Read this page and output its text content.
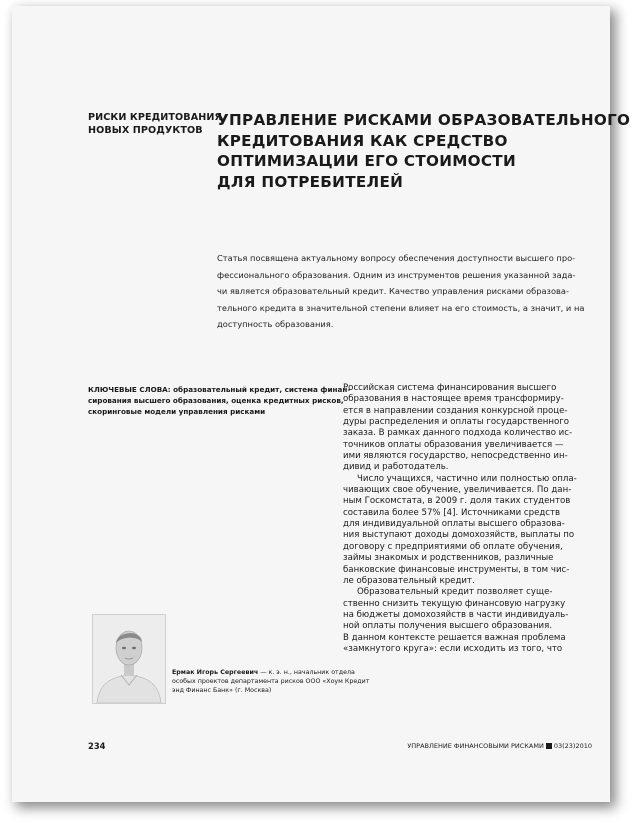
РИСКИ КРЕДИТОВАНИЯ
НОВЫХ ПРОДУКТОВ
УПРАВЛЕНИЕ РИСКАМИ ОБРАЗОВАТЕЛЬНОГО
КРЕДИТОВАНИЯ КАК СРЕДСТВО
ОПТИМИЗАЦИИ ЕГО СТОИМОСТИ
ДЛЯ ПОТРЕБИТЕЛЕЙ
Статья посвящена актуальному вопросу обеспечения доступности высшего про-
фессионального образования. Одним из инструментов решения указанной зада-
чи является образовательный кредит. Качество управления рисками образова-
тельного кредита в значительной степени влияет на его стоимость, а значит, и на
доступность образования.
КЛЮЧЕВЫЕ СЛОВА: образовательный кредит, система финан-
сирования высшего образования, оценка кредитных рисков,
скоринговые модели управления рисками
Российская система финансирования высшего
образования в настоящее время трансформиру-
ется в направлении создания конкурсной проце-
дуры распределения и оплаты государственного
заказа. В рамках данного подхода количество ис-
точников оплаты образования увеличивается —
ими являются государство, непосредственно ин-
дивид и работодатель.
Число учащихся, частично или полностью опла-
чивающих свое обучение, увеличивается. По дан-
ным Госкомстата, в 2009 г. доля таких студентов
составила более 57% [4]. Источниками средств
для индивидуальной оплаты высшего образова-
ния выступают доходы домохозяйств, выплаты по
договору с предприятиями об оплате обучения,
займы знакомых и родственников, различные
банковские финансовые инструменты, в том чис-
ле образовательный кредит.
Образовательный кредит позволяет суще-
ственно снизить текущую финансовую нагрузку
на бюджеты домохозяйств в части индивидуаль-
ной оплаты получения высшего образования.
В данном контексте решается важная проблема
«замкнутого круга»: если исходить из того, что
Ермак Игорь Сергеевич — к. э. н., начальник отдела
особых проектов департамента рисков ООО «Хоум Кредит
энд Финанс Банк» (г. Москва)
234	УПРАВЛЕНИЕ ФИНАНСОВЫМИ РИСКАМИ 03(23)2010
